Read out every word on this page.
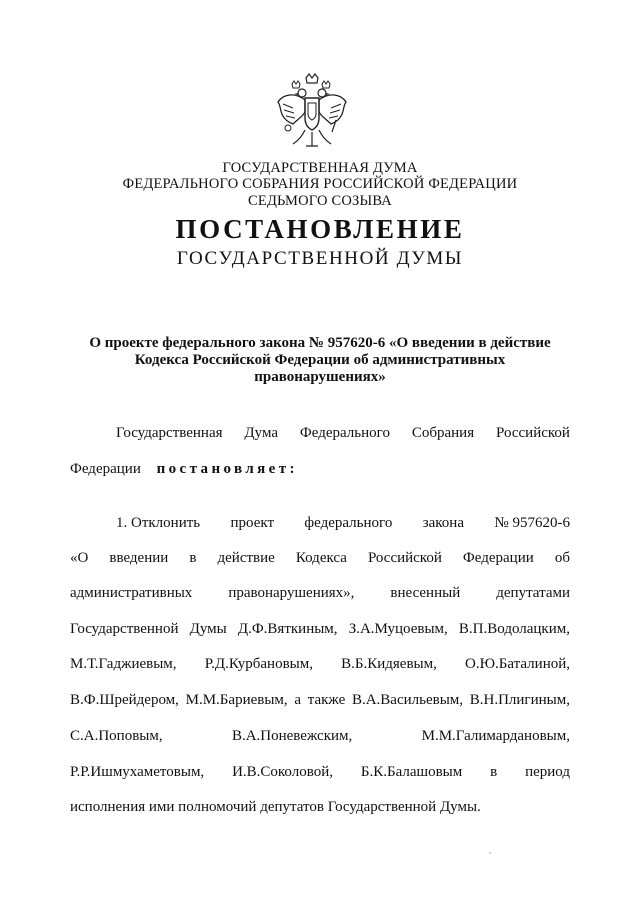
ГОСУДАРСТВЕННАЯ ДУМА
ФЕДЕРАЛЬНОГО СОБРАНИЯ РОССИЙСКОЙ ФЕДЕРАЦИИ
СЕДЬМОГО СОЗЫВА
ПОСТАНОВЛЕНИЕ
ГОСУДАРСТВЕННОЙ ДУМЫ
О проекте федерального закона № 957620-6 «О введении в действие
Кодекса Российской Федерации об административных
правонарушениях»
Государственная Дума Федерального Собрания Российской
Федерации постановляет:
1. Отклонить проект федерального закона № 957620-6
«О введении в действие Кодекса Российской Федерации об
административных правонарушениях», внесенный депутатами
Государственной Думы Д.Ф.Вяткиным, З.А.Муцоевым, В.П.Водолацким,
М.Т.Гаджиевым, Р.Д.Курбановым, В.Б.Кидяевым, О.Ю.Баталиной,
В.Ф.Шрейдером, М.М.Бариевым, а также В.А.Васильевым, В.Н.Плигиным,
С.А.Поповым,	В.А.Поневежским,	М.М.Галимардановым,
Р.Р.Ишмухаметовым, И.В.Соколовой, Б.К.Балашовым в период
исполнения ими полномочий депутатов Государственной Думы.
